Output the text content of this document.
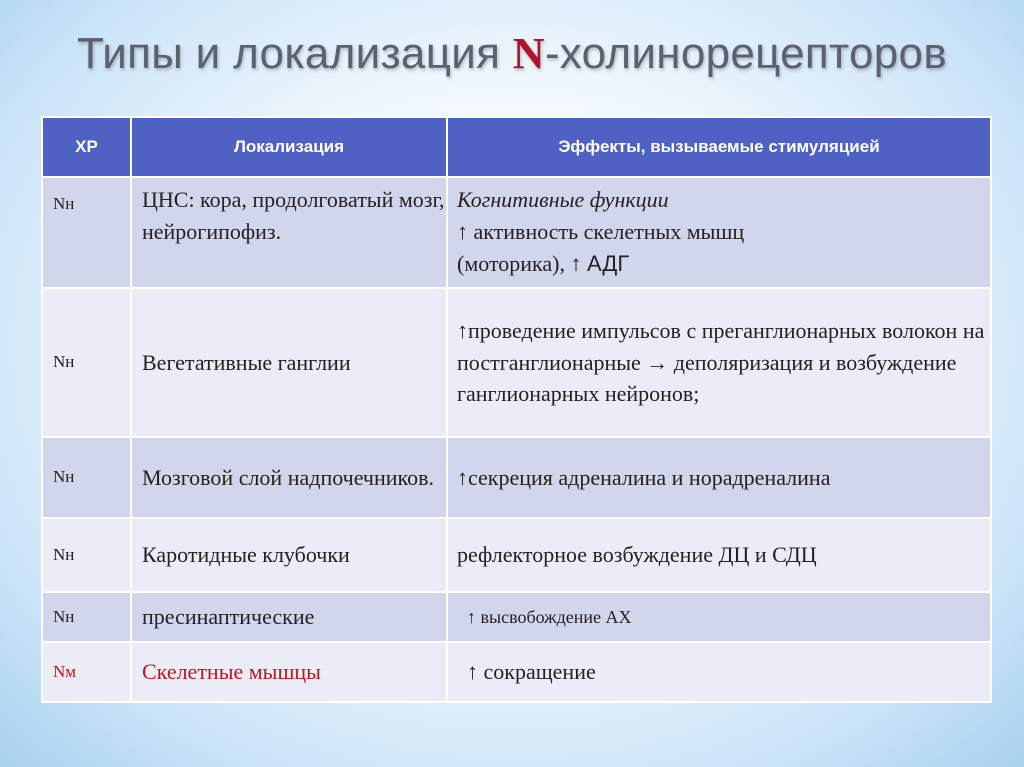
Типы и локализация N-холинорецепторов
ХР	Локализация	Эффекты, вызываемые стимуляцией
Nн	ЦНС: кора, продолговатый мозг, нейрогипофиз.	Когнитивные функции
↑ активность скелетных мышц
(моторика), ↑ АДГ

Nн	Вегетативные ганглии	↑проведение импульсов с преганглионарных волокон на постганглионарные → деполяризация и возбуждение ганглионарных нейронов;
Nн	Мозговой слой надпочечников.	↑секреция адреналина и норадреналина
Nн	Каротидные клубочки	рефлекторное возбуждение ДЦ и СДЦ
Nн	пресинаптические	↑ высвобождение АХ
Nм	Скелетные мышцы	↑ сокращение
